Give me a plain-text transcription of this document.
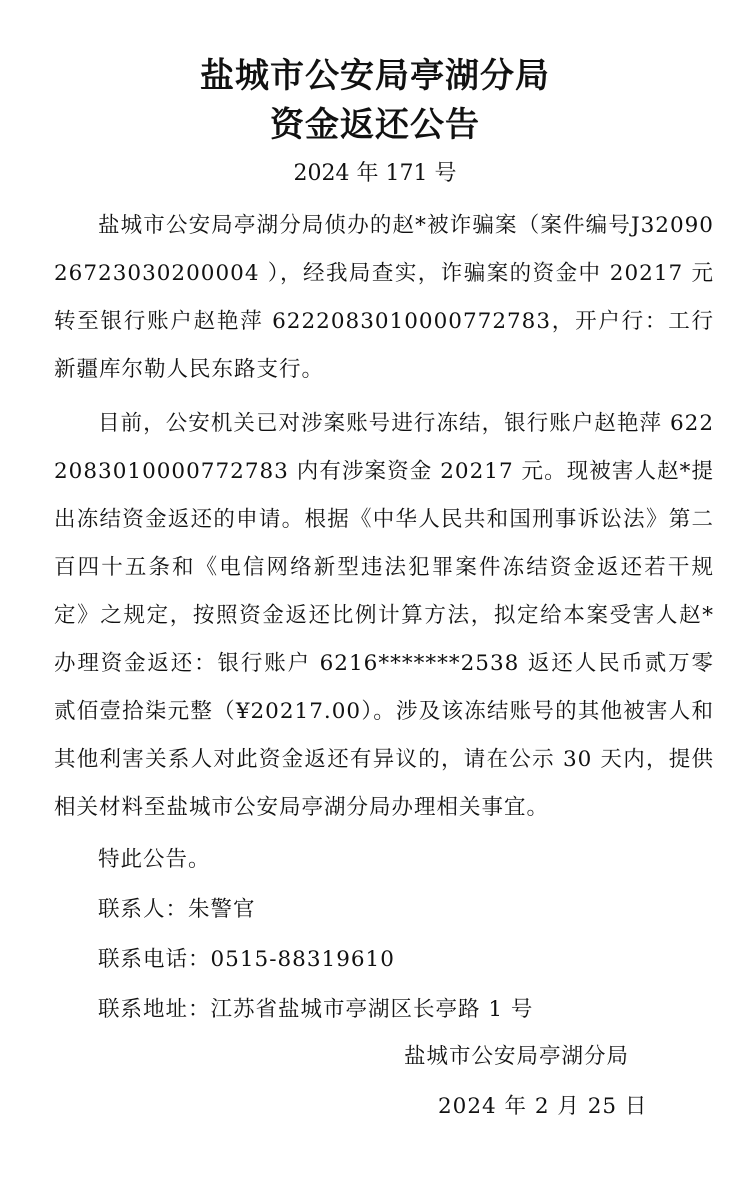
盐城市公安局亭湖分局
资金返还公告
2024 年 171 号
盐城市公安局亭湖分局侦办的赵*被诈骗案（案件编号J3209026723030200004 ），经我局查实，诈骗案的资金中 20217 元转至银行账户赵艳萍 6222083010000772783，开户行：工行新疆库尔勒人民东路支行。
目前，公安机关已对涉案账号进行冻结，银行账户赵艳萍 6222083010000772783 内有涉案资金 20217 元。现被害人赵*提出冻结资金返还的申请。根据《中华人民共和国刑事诉讼法》第二百四十五条和《电信网络新型违法犯罪案件冻结资金返还若干规定》之规定，按照资金返还比例计算方法，拟定给本案受害人赵*办理资金返还：银行账户 6216*******2538 返还人民币贰万零贰佰壹拾柒元整（¥20217.00）。涉及该冻结账号的其他被害人和其他利害关系人对此资金返还有异议的，请在公示 30 天内，提供相关材料至盐城市公安局亭湖分局办理相关事宜。
特此公告。
联系人：朱警官
联系电话：0515-88319610
联系地址：江苏省盐城市亭湖区长亭路 1 号
盐城市公安局亭湖分局
2024 年 2 月 25 日
